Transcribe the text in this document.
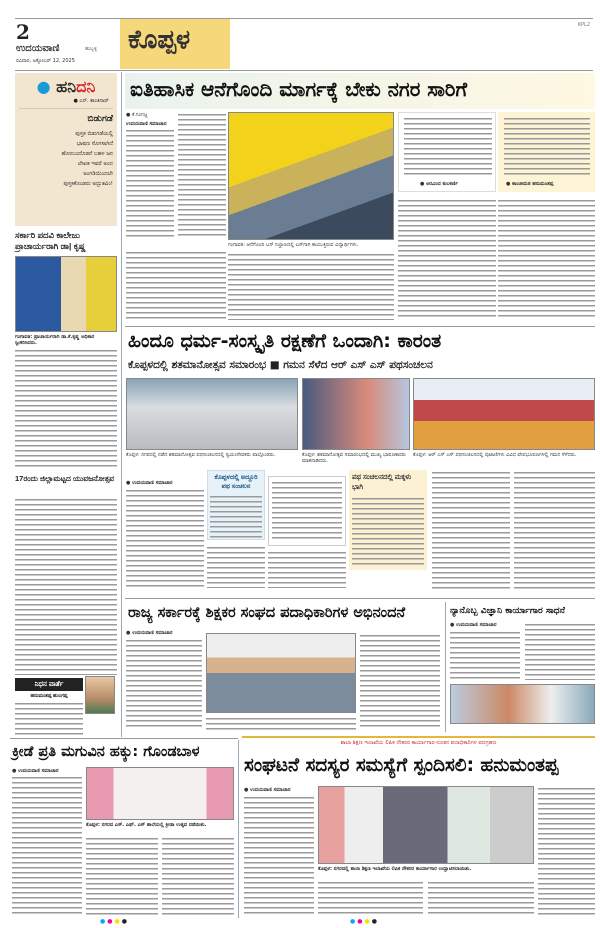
2
ಉದಯವಾಣಿ	ಹುಬ್ಬಳ್ಳಿ
ರವಿವಾರ, ಅಕ್ಟೋಬರ್ 12, 2025
ಕೊಪ್ಪಳ	KPL2
● ಹನಿದನಿ
● ಎನ್. ಶಾಂತಿನಾಥ್
ಬಿಡುಗಡೆ
ಪುಸ್ತಕ ಬಿಡುಗಡೆಯಲ್ಲಿ
ಭಾಷಣ ಸೊಗಸಾಗಿದೆ
ಹೊರಬಂದೊಡನೆ ಬಹಳ ಜನ
ಲೇಖಕ ಇವರೆ ಅಂದ
ಅಂಗಡಿಯಿಂದಲೇ
ಪುಸ್ತಕಕೊಂಡರು ಅದ್ಭುತವಿಂ!
ಸರ್ಕಾರಿ ಪದವಿ ಕಾಲೇಜು ಪ್ರಾಚಾರ್ಯರಾಗಿ ಡಾ| ಕೃಷ್ಣ
ಗಂಗಾವತಿ: ಪ್ರಾಚಾರ್ಯರಾಗಿ ಡಾ.ಕೆ.ಕೃಷ್ಣ ಅಧಿಕಾರ ಸ್ವೀಕರಿಸಿದರು.
17ರಂದು ಜಿಲ್ಲಾಮಟ್ಟದ ಯುವಜನೋತ್ಸವ
ನಿಧನ ವಾರ್ತೆ
ಹನುಮಂತಪ್ಪ ಹುಲಗಪ್ಪ
ಐತಿಹಾಸಿಕ ಆನೆಗೊಂದಿ ಮಾರ್ಗಕ್ಕೆ ಬೇಕು ನಗರ ಸಾರಿಗೆ
● ಕೆ.ನಿಂಗಜ್ಜ
ಉದಯವಾಣಿ ಸಮಾಚಾರ
ಗಂಗಾವತಿ: ಆನೆಗೊಂದಿ ಬಸ್ ನಿಲ್ದಾಣದಲ್ಲಿ ಬಸ್‌ಗಾಗಿ ಕಾಯುತ್ತಿರುವ ವಿದ್ಯಾರ್ಥಿಗಳು.
● ಅರವಿಂದ ಕುಲಕರ್ಣಿ	● ಕಾಂಚೀಮಠ ಹನುಮಂತಪ್ಪ
ಹಿಂದೂ ಧರ್ಮ-ಸಂಸ್ಕೃತಿ ರಕ್ಷಣೆಗೆ ಒಂದಾಗಿ: ಕಾರಂತ
ಕೊಪ್ಪಳದಲ್ಲಿ ಶತಮಾನೋತ್ಸವ ಸಮಾರಂಭ ■ ಗಮನ ಸೆಳೆದ ಆರ್ ಎಸ್ ಎಸ್ ಪಥಸಂಚಲನ
ಕೊಪ್ಪಳ: ನಗರದಲ್ಲಿ ನಡೆದ ಶತಮಾನೋತ್ಸವ ಪಥಸಂಚಲನದಲ್ಲಿ ಸ್ವಯಂಸೇವಕರು ಪಾಲ್ಗೊಂಡರು.	ಕೊಪ್ಪಳ: ಶತಮಾನೋತ್ಸವ ಸಮಾರಂಭದಲ್ಲಿ ಮುಖ್ಯ ಭಾಷಣಕಾರರು ಮಾತನಾಡಿದರು.
ಕೊಪ್ಪಳ: ಆರ್ ಎಸ್ ಎಸ್ ಪಥಸಂಚಲನದಲ್ಲಿ ಪುಟಾಣಿಗಳು ವಿವಿಧ ವೇಷಭೂಷಣಗಳಲ್ಲಿ ಗಮನ ಸೆಳೆದರು.
● ಉದಯವಾಣಿ ಸಮಾಚಾರ
ಕೊಪ್ಪಳದಲ್ಲಿ ಅದ್ದೂರಿ ಪಥ ಸಂಚಲನ
ಪಥ ಸಂಚಲನದಲ್ಲಿ ಮಕ್ಕಳು ಭಾಗಿ
ರಾಜ್ಯ ಸರ್ಕಾರಕ್ಕೆ ಶಿಕ್ಷಕರ ಸಂಘದ ಪದಾಧಿಕಾರಿಗಳ ಅಭಿನಂದನೆ
● ಉದಯವಾಣಿ ಸಮಾಚಾರ
ನ್ಯಾನೊಬ್ಬ ವಿಜ್ಞಾನಿ ಕಾರ್ಯಾಗಾರ ಸಾಧನೆ
● ಉದಯವಾಣಿ ಸಮಾಚಾರ
ಕ್ರೀಡೆ ಪ್ರತಿ ಮಗುವಿನ ಹಕ್ಕು: ಗೊಂಡಬಾಳ
● ಉದಯವಾಣಿ ಸಮಾಚಾರ
ಕೊಪ್ಪಳ: ನಗರದ ಎಸ್. ಎಫ್. ಎಸ್ ಶಾಲೆಯಲ್ಲಿ ಕ್ರೀಡಾ ಉತ್ಸವ ನಡೆಯಿತು.
ಶಾಲಾ ಶಿಕ್ಷಣ ಇಲಾಖೆಯ ಲಿಪಿಕ ನೌಕರರ ಕಾರ್ಯಾಗಾರ-ನೂತನ ಪದಾಧಿಕಾರಿಗಳ ಪದಗ್ರಹಣ
ಸಂಘಟನೆ ಸದಸ್ಯರ ಸಮಸ್ಯೆಗೆ ಸ್ಪಂದಿಸಲಿ: ಹನುಮಂತಪ್ಪ
● ಉದಯವಾಣಿ ಸಮಾಚಾರ
ಕೊಪ್ಪಳ: ನಗರದಲ್ಲಿ ಶಾಲಾ ಶಿಕ್ಷಣ ಇಲಾಖೆಯ ಲಿಪಿಕ ನೌಕರರ ಕಾರ್ಯಾಗಾರ ಉದ್ಘಾಟಿಸಲಾಯಿತು.
●●●●	●●●●
